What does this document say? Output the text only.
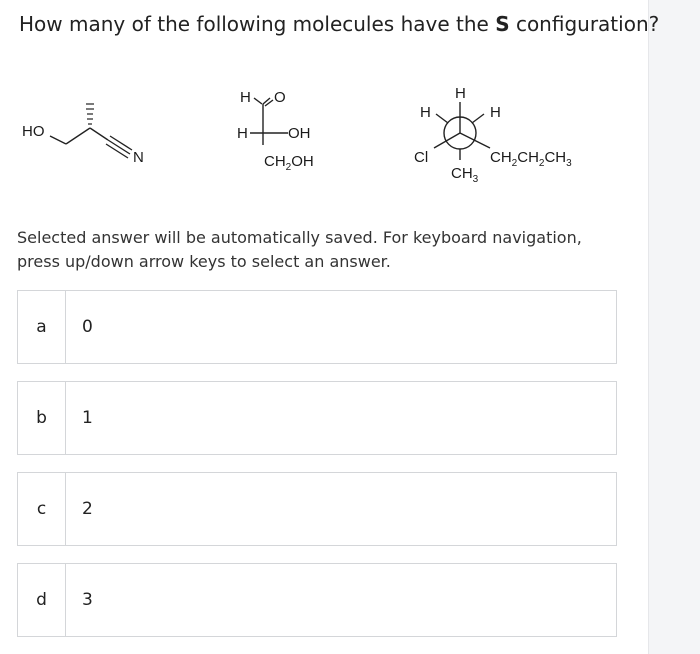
How many of the following molecules have the S configuration?
HO
N
H O
H	OH
$CH_2OH$
H
H	H
Cl	$CH_2CH_2CH_3$
$CH_3$
Selected answer will be automatically saved. For keyboard navigation, press up/down arrow keys to select an answer.
a	0
b	1
c	2
d	3
